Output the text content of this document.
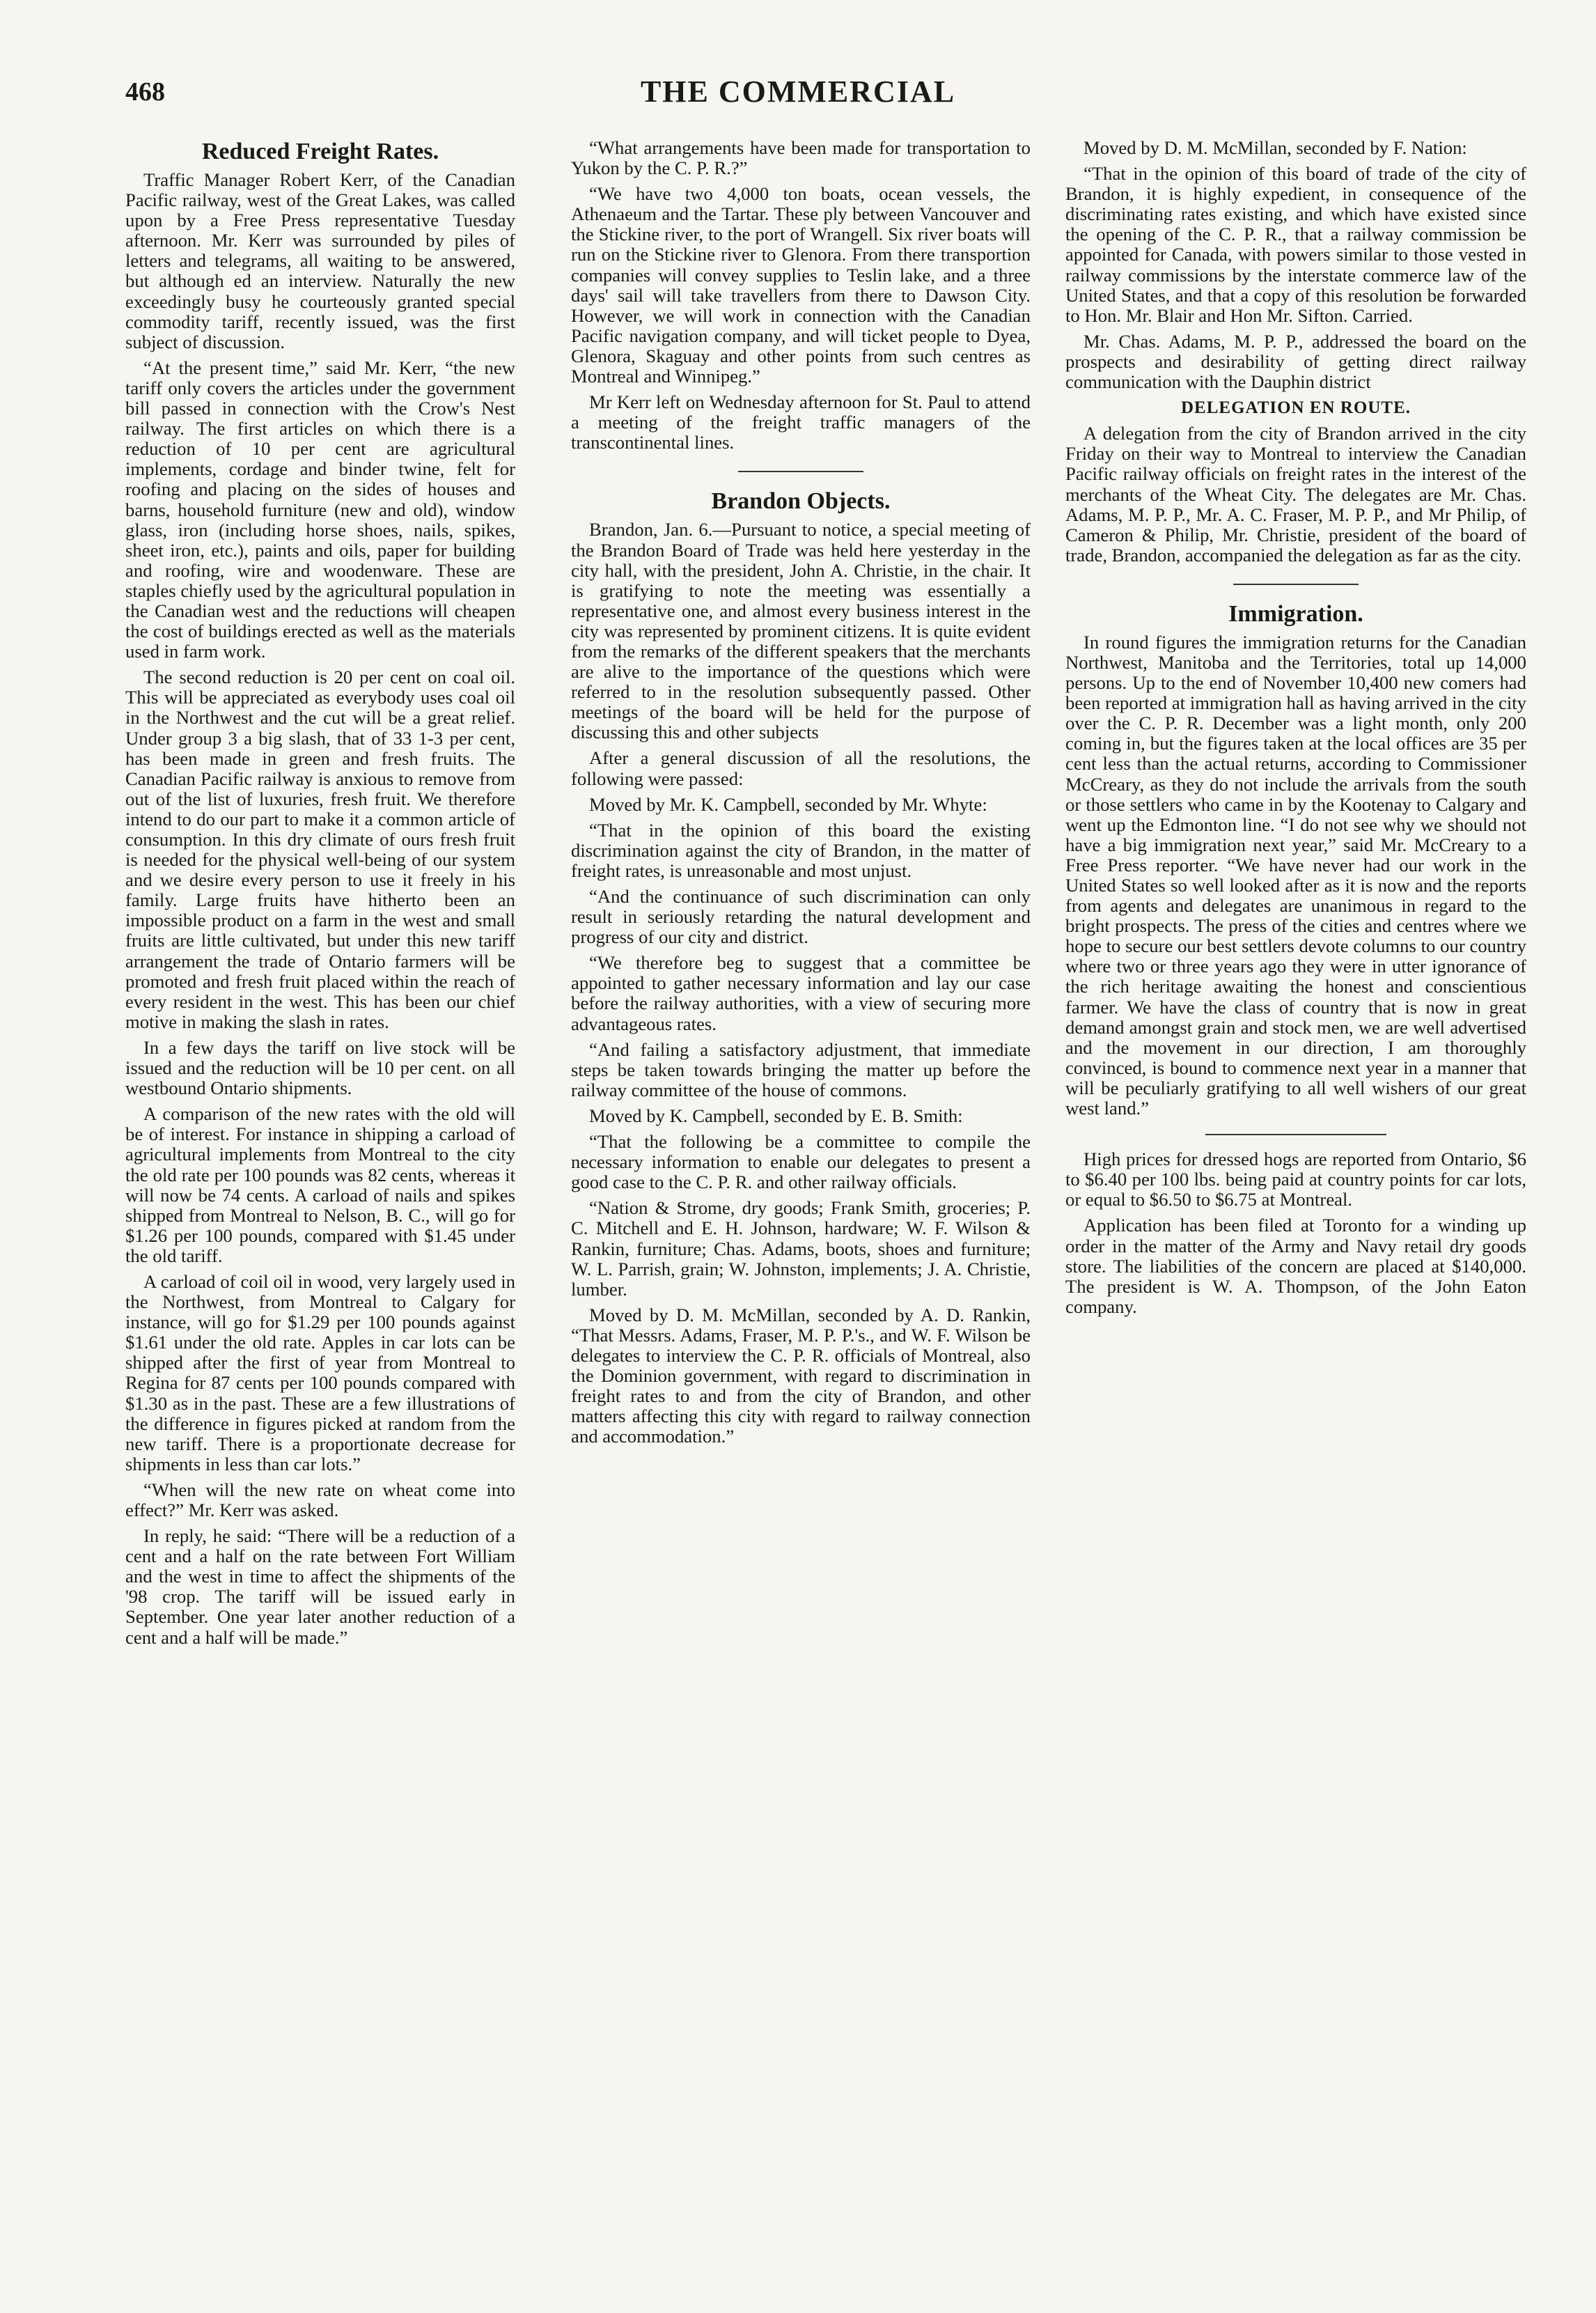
468	THE COMMERCIAL
Reduced Freight Rates.

Traffic Manager Robert Kerr, of the Canadian Pacific railway, west of the Great Lakes, was called upon by a Free Press representative Tuesday afternoon. Mr. Kerr was surrounded by piles of letters and telegrams, all waiting to be answered, but although ed an interview. Naturally the new exceedingly busy he courteously granted special commodity tariff, recently issued, was the first subject of discussion.

“At the present time,” said Mr. Kerr, “the new tariff only covers the articles under the government bill passed in connection with the Crow's Nest railway. The first articles on which there is a reduction of 10 per cent are agricultural implements, cordage and binder twine, felt for roofing and placing on the sides of houses and barns, household furniture (new and old), window glass, iron (including horse shoes, nails, spikes, sheet iron, etc.), paints and oils, paper for building and roofing, wire and woodenware. These are staples chiefly used by the agricultural population in the Canadian west and the reductions will cheapen the cost of buildings erected as well as the materials used in farm work.

The second reduction is 20 per cent on coal oil. This will be appreciated as everybody uses coal oil in the Northwest and the cut will be a great relief. Under group 3 a big slash, that of 33 1-3 per cent, has been made in green and fresh fruits. The Canadian Pacific railway is anxious to remove from out of the list of luxuries, fresh fruit. We therefore intend to do our part to make it a common article of consumption. In this dry climate of ours fresh fruit is needed for the physical well-being of our system and we desire every person to use it freely in his family. Large fruits have hitherto been an impossible product on a farm in the west and small fruits are little cultivated, but under this new tariff arrangement the trade of Ontario farmers will be promoted and fresh fruit placed within the reach of every resident in the west. This has been our chief motive in making the slash in rates.

In a few days the tariff on live stock will be issued and the reduction will be 10 per cent. on all westbound Ontario shipments.

A comparison of the new rates with the old will be of interest. For instance in shipping a carload of agricultural implements from Montreal to the city the old rate per 100 pounds was 82 cents, whereas it will now be 74 cents. A carload of nails and spikes shipped from Montreal to Nelson, B. C., will go for $1.26 per 100 pounds, compared with $1.45 under the old tariff.

A carload of coil oil in wood, very largely used in the Northwest, from Montreal to Calgary for instance, will go for $1.29 per 100 pounds against $1.61 under the old rate. Apples in car lots can be shipped after the first of year from Montreal to Regina for 87 cents per 100 pounds compared with $1.30 as in the past. These are a few illustrations of the difference in figures picked at random from the new tariff. There is a proportionate decrease for shipments in less than car lots.”

“When will the new rate on wheat come into effect?” Mr. Kerr was asked.

In reply, he said: “There will be a reduction of a cent and a half on the rate between Fort William and the west in time to affect the shipments of the '98 crop. The tariff will be issued early in September. One year later another reduction of a cent and a half will be made.”

“What arrangements have been made for transportation to Yukon by the C. P. R.?”

“We have two 4,000 ton boats, ocean vessels, the Athenaeum and the Tartar. These ply between Vancouver and the Stickine river, to the port of Wrangell. Six river boats will run on the Stickine river to Glenora. From there transportion companies will convey supplies to Teslin lake, and a three days' sail will take travellers from there to Dawson City. However, we will work in connection with the Canadian Pacific navigation company, and will ticket people to Dyea, Glenora, Skaguay and other points from such centres as Montreal and Winnipeg.”

Mr Kerr left on Wednesday afternoon for St. Paul to attend a meeting of the freight traffic managers of the transcontinental lines.

Brandon Objects.

Brandon, Jan. 6.—Pursuant to notice, a special meeting of the Brandon Board of Trade was held here yesterday in the city hall, with the president, John A. Christie, in the chair. It is gratifying to note the meeting was essentially a representative one, and almost every business interest in the city was represented by prominent citizens. It is quite evident from the remarks of the different speakers that the merchants are alive to the importance of the questions which were referred to in the resolution subsequently passed. Other meetings of the board will be held for the purpose of discussing this and other subjects

After a general discussion of all the resolutions, the following were passed:

Moved by Mr. K. Campbell, seconded by Mr. Whyte:

“That in the opinion of this board the existing discrimination against the city of Brandon, in the matter of freight rates, is unreasonable and most unjust.

“And the continuance of such discrimination can only result in seriously retarding the natural development and progress of our city and district.

“We therefore beg to suggest that a committee be appointed to gather necessary information and lay our case before the railway authorities, with a view of securing more advantageous rates.

“And failing a satisfactory adjustment, that immediate steps be taken towards bringing the matter up before the railway committee of the house of commons.

Moved by K. Campbell, seconded by E. B. Smith:

“That the following be a committee to compile the necessary information to enable our delegates to present a good case to the C. P. R. and other railway officials.

“Nation & Strome, dry goods; Frank Smith, groceries; P. C. Mitchell and E. H. Johnson, hardware; W. F. Wilson & Rankin, furniture; Chas. Adams, boots, shoes and furniture; W. L. Parrish, grain; W. Johnston, implements; J. A. Christie, lumber.

Moved by D. M. McMillan, seconded by A. D. Rankin, “That Messrs. Adams, Fraser, M. P. P.'s., and W. F. Wilson be delegates to interview the C. P. R. officials of Montreal, also the Dominion government, with regard to discrimination in freight rates to and from the city of Brandon, and other matters affecting this city with regard to railway connection and accommodation.”

Moved by D. M. McMillan, seconded by F. Nation:

“That in the opinion of this board of trade of the city of Brandon, it is highly expedient, in consequence of the discriminating rates existing, and which have existed since the opening of the C. P. R., that a railway commission be appointed for Canada, with powers similar to those vested in railway commissions by the interstate commerce law of the United States, and that a copy of this resolution be forwarded to Hon. Mr. Blair and Hon Mr. Sifton. Carried.

Mr. Chas. Adams, M. P. P., addressed the board on the prospects and desirability of getting direct railway communication with the Dauphin district

DELEGATION EN ROUTE.

A delegation from the city of Brandon arrived in the city Friday on their way to Montreal to interview the Canadian Pacific railway officials on freight rates in the interest of the merchants of the Wheat City. The delegates are Mr. Chas. Adams, M. P. P., Mr. A. C. Fraser, M. P. P., and Mr Philip, of Cameron & Philip, Mr. Christie, president of the board of trade, Brandon, accompanied the delegation as far as the city.

Immigration.

In round figures the immigration returns for the Canadian Northwest, Manitoba and the Territories, total up 14,000 persons. Up to the end of November 10,400 new comers had been reported at immigration hall as having arrived in the city over the C. P. R. December was a light month, only 200 coming in, but the figures taken at the local offices are 35 per cent less than the actual returns, according to Commissioner McCreary, as they do not include the arrivals from the south or those settlers who came in by the Kootenay to Calgary and went up the Edmonton line. “I do not see why we should not have a big immigration next year,” said Mr. McCreary to a Free Press reporter. “We have never had our work in the United States so well looked after as it is now and the reports from agents and delegates are unanimous in regard to the bright prospects. The press of the cities and centres where we hope to secure our best settlers devote columns to our country where two or three years ago they were in utter ignorance of the rich heritage awaiting the honest and conscientious farmer. We have the class of country that is now in great demand amongst grain and stock men, we are well advertised and the movement in our direction, I am thoroughly convinced, is bound to commence next year in a manner that will be peculiarly gratifying to all well wishers of our great west land.”

High prices for dressed hogs are reported from Ontario, $6 to $6.40 per 100 lbs. being paid at country points for car lots, or equal to $6.50 to $6.75 at Montreal.

Application has been filed at Toronto for a winding up order in the matter of the Army and Navy retail dry goods store. The liabilities of the concern are placed at $140,000. The president is W. A. Thompson, of the John Eaton company.
